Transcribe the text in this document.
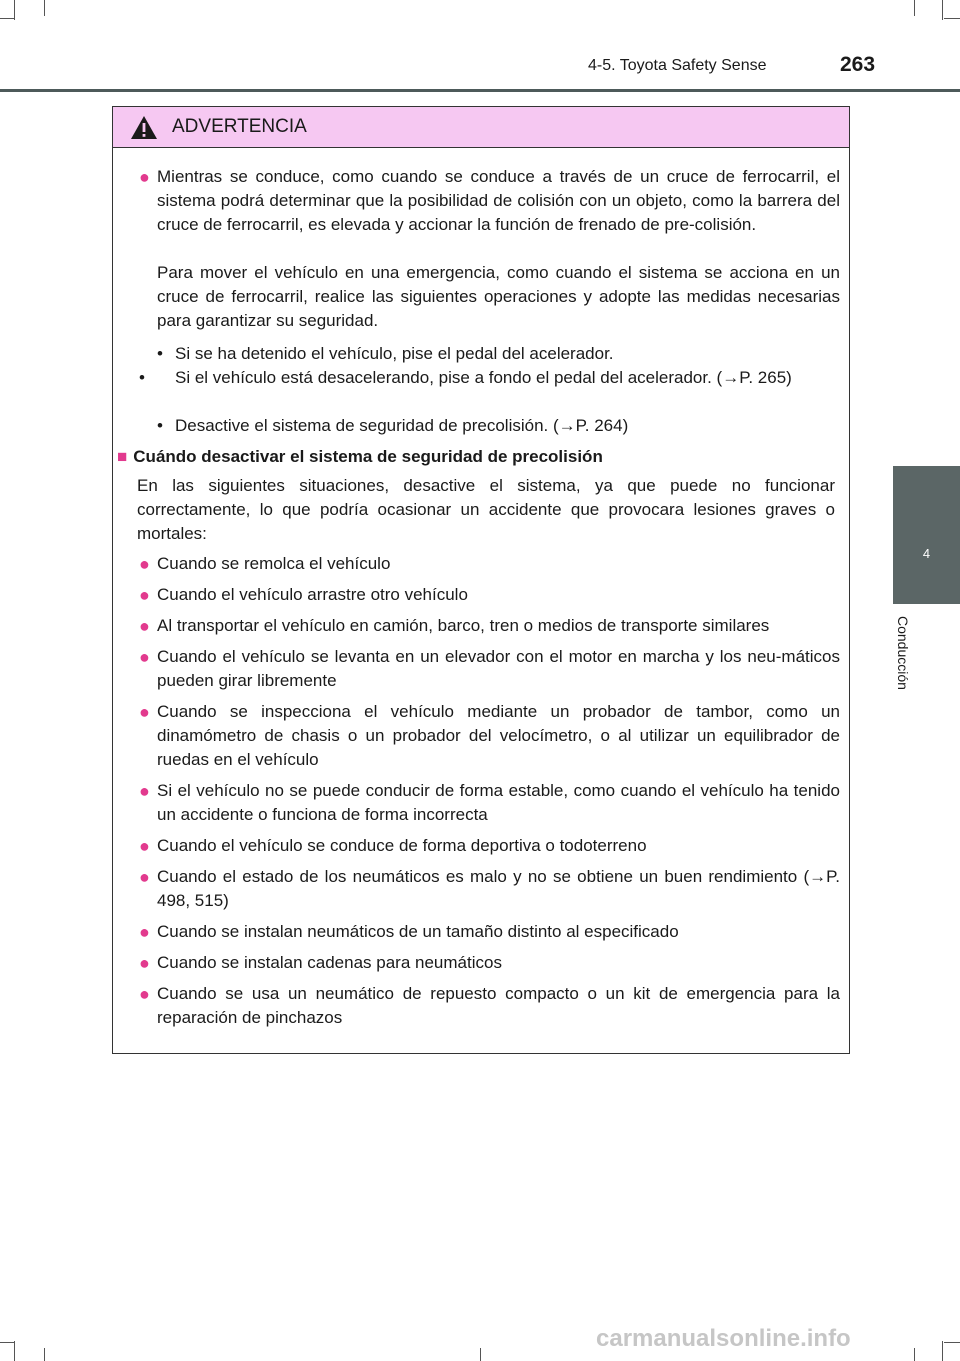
4-5. Toyota Safety Sense	263
4
Conducción
ADVERTENCIA
● Mientras se conduce, como cuando se conduce a través de un cruce de ferrocarril, el sistema podrá determinar que la posibilidad de colisión con un objeto, como la barrera del cruce de ferrocarril, es elevada y accionar la función de frenado de pre-colisión.
Para mover el vehículo en una emergencia, como cuando el sistema se acciona en un cruce de ferrocarril, realice las siguientes operaciones y adopte las medidas necesarias para garantizar su seguridad.
• Si se ha detenido el vehículo, pise el pedal del acelerador.
• Si el vehículo está desacelerando, pise a fondo el pedal del acelerador. (→P. 265)
• Desactive el sistema de seguridad de precolisión. (→P. 264)
■ Cuándo desactivar el sistema de seguridad de precolisión
En las siguientes situaciones, desactive el sistema, ya que puede no funcionar correctamente, lo que podría ocasionar un accidente que provocara lesiones graves o mortales:
● Cuando se remolca el vehículo
● Cuando el vehículo arrastre otro vehículo
● Al transportar el vehículo en camión, barco, tren o medios de transporte similares
● Cuando el vehículo se levanta en un elevador con el motor en marcha y los neu-máticos pueden girar libremente
● Cuando se inspecciona el vehículo mediante un probador de tambor, como un dinamómetro de chasis o un probador del velocímetro, o al utilizar un equilibrador de ruedas en el vehículo
● Si el vehículo no se puede conducir de forma estable, como cuando el vehículo ha tenido un accidente o funciona de forma incorrecta
● Cuando el vehículo se conduce de forma deportiva o todoterreno
● Cuando el estado de los neumáticos es malo y no se obtiene un buen rendimiento (→P. 498, 515)
● Cuando se instalan neumáticos de un tamaño distinto al especificado
● Cuando se instalan cadenas para neumáticos
● Cuando se usa un neumático de repuesto compacto o un kit de emergencia para la reparación de pinchazos
carmanualsonline.info
